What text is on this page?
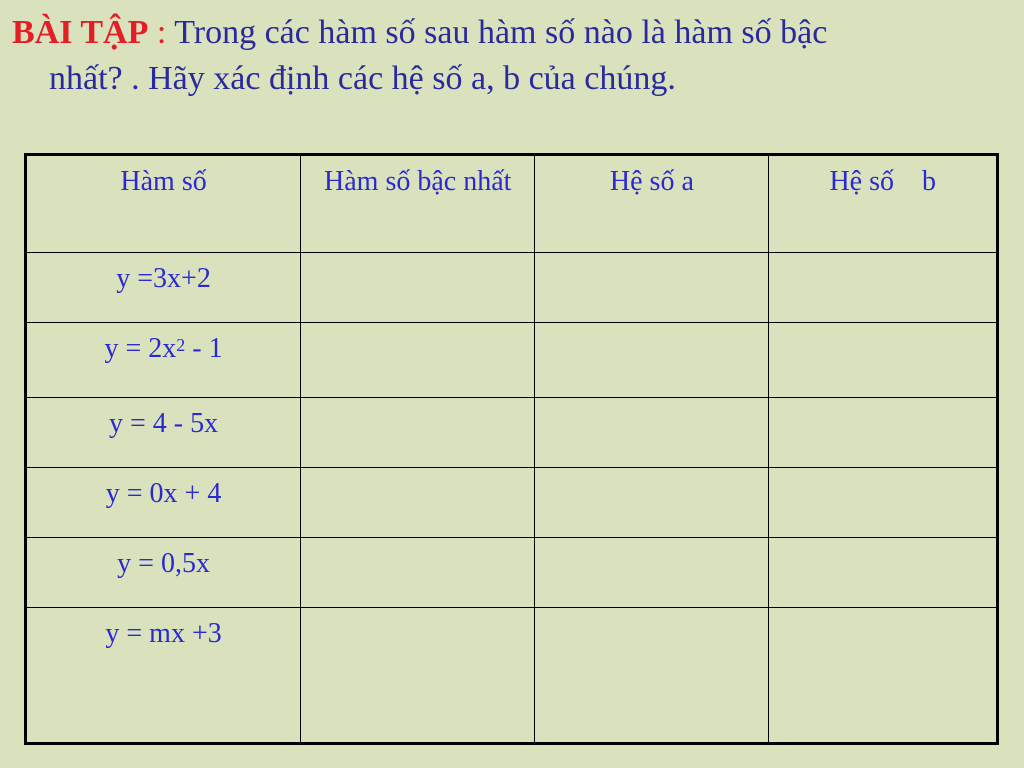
BÀI TẬP : Trong các hàm số sau hàm số nào là hàm số bậc
nhất? . Hãy xác định các hệ số a, b của chúng.
Hàm số	Hàm số bậc nhất	Hệ số a	Hệ số    b
y =3x+2			
$y = 2x^2 - 1$			
y = 4 - 5x			
y = 0x + 4			
y = 0,5x			
y = mx +3			
